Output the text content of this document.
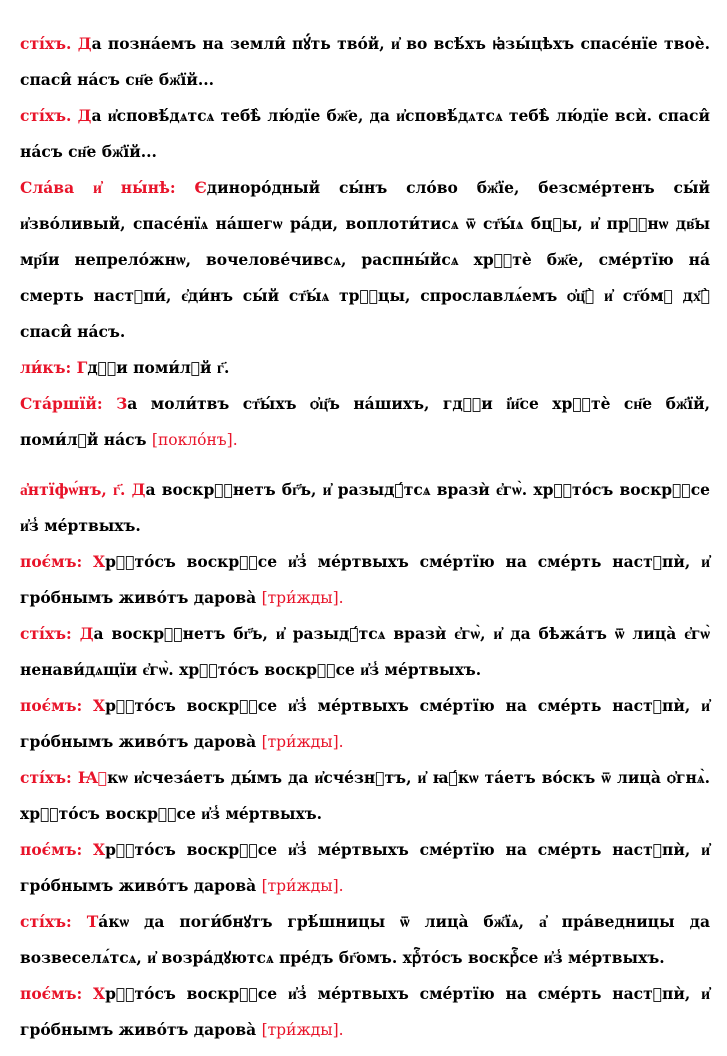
сті́хъ. Да позна́емъ на земли̂ пꙋ́ть тво́й, и҆ во всѣ́хъ ꙗ҆зы́цѣхъ спасе́нїе твоѐ. спаси̂ на́съ сн҃е бж҃їй...

сті́хъ. Да и҆сповѣ́дѧтсѧ тебѣ̀ лю́дїе бж҃е, да и҆сповѣ́дѧтсѧ тебѣ̀ лю́дїе всѝ. спаси̂ на́съ сн҃е бж҃їй...

Сла́ва и҆ ны́нѣ: Єдиноро́дный сы́нъ сло́во бж҃їе, безсме́ртенъ сы́й и҆зво́ливый, спасе́нїѧ на́шегѡ ра́ди, воплоти́тисѧ ѿ ст҃ы́ѧ бцⷣы, и҆ прⷭ҇нѡ дв҃ы мр҃і́и непрело́жнѡ, вочелове́чивсѧ, распны́йсѧ хрⷭ҇тѐ бж҃е, сме́ртїю на́ смерть настꙋпи́, є҆ди́нъ сы́й ст҃ы́ѧ трⷪ҇цы, спрославлѧ́емъ ѻ҆ц҃ꙋ̀ и҆ ст҃о́мꙋ дх҃ꙋ̀ спаси̂ на́съ.

ли́къ: Гдⷭ҇и поми́лꙋй г҃.

Ста́ршїй: За моли́твъ ст҃ы́хъ ѻ҆ц҃ъ на́шихъ, гдⷭ҇и і҆и҃се хрⷭ҇тѐ сн҃е бж҃їй, поми́лꙋй на́съ [покло́нъ].

а҆нтїфѡ́нъ, г҃. Да воскрⷭ҇нетъ бг҃ъ, и҆ разыдꙋ́тсѧ вразѝ є҆гѡ̀. хрⷭ҇то́съ воскрⷭ҇се и҆з̾ ме́ртвыхъ.

поє́мъ: Хрⷭ҇то́съ воскрⷭ҇се и҆з̾ ме́ртвыхъ сме́ртїю на сме́рть настꙋпѝ, и҆ гро́бнымъ живо́тъ дарова̀ [три́жды].

сті́хъ: Да воскрⷭ҇нетъ бг҃ъ, и҆ разыдꙋ́тсѧ вразѝ є҆гѡ̀, и҆ да бѣжа́тъ ѿ лица̀ є҆гѡ̀ ненави́дѧщїи є҆гѡ̀. хрⷭ҇то́съ воскрⷭ҇се и҆з̾ ме́ртвыхъ.

поє́мъ: Хрⷭ҇то́съ воскрⷭ҇се и҆з̾ ме́ртвыхъ сме́ртїю на сме́рть настꙋпѝ, и҆ гро́бнымъ живо́тъ дарова̀ [три́жды].

сті́хъ: Ꙗ҆кѡ и҆счеза́етъ ды́мъ да и҆сче́знꙋтъ, и҆ ꙗ҆́кѡ та́етъ во́скъ ѿ лица̀ ѻ҆гнѧ̀. хрⷭ҇то́съ воскрⷭ҇се и҆з̾ ме́ртвыхъ.

поє́мъ: Хрⷭ҇то́съ воскрⷭ҇се и҆з̾ ме́ртвыхъ сме́ртїю на сме́рть настꙋпѝ, и҆ гро́бнымъ живо́тъ дарова̀ [три́жды].

сті́хъ: Та́кѡ да поги́бнꙋтъ грѣ́шницы ѿ лица̀ бж҃їѧ, а҆ пра́ведницы да возвеселѧ́тсѧ, и҆ возра́дꙋютсѧ пре́дъ бг҃омъ. хрⷭ҇то́съ воскрⷭ҇се и҆з̾ ме́ртвыхъ.

поє́мъ: Хрⷭ҇то́съ воскрⷭ҇се и҆з̾ ме́ртвыхъ сме́ртїю на сме́рть настꙋпѝ, и҆ гро́бнымъ живо́тъ дарова̀ [три́жды].
